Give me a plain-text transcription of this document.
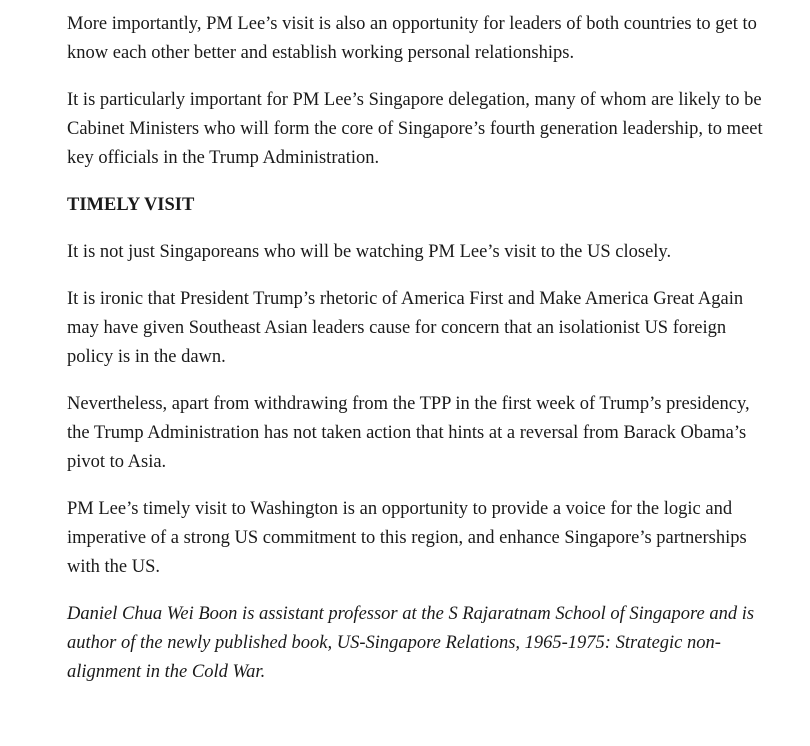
More importantly, PM Lee’s visit is also an opportunity for leaders of both countries to get to know each other better and establish working personal relationships.

It is particularly important for PM Lee’s Singapore delegation, many of whom are likely to be Cabinet Ministers who will form the core of Singapore’s fourth generation leadership, to meet key officials in the Trump Administration.

TIMELY VISIT

It is not just Singaporeans who will be watching PM Lee’s visit to the US closely.

It is ironic that President Trump’s rhetoric of America First and Make America Great Again may have given Southeast Asian leaders cause for concern that an isolationist US foreign policy is in the dawn.

Nevertheless, apart from withdrawing from the TPP in the first week of Trump’s presidency, the Trump Administration has not taken action that hints at a reversal from Barack Obama’s pivot to Asia.

PM Lee’s timely visit to Washington is an opportunity to provide a voice for the logic and imperative of a strong US commitment to this region, and enhance Singapore’s partnerships with the US.

Daniel Chua Wei Boon is assistant professor at the S Rajaratnam School of Singapore and is author of the newly published book, US-Singapore Relations, 1965-1975: Strategic non-alignment in the Cold War.
